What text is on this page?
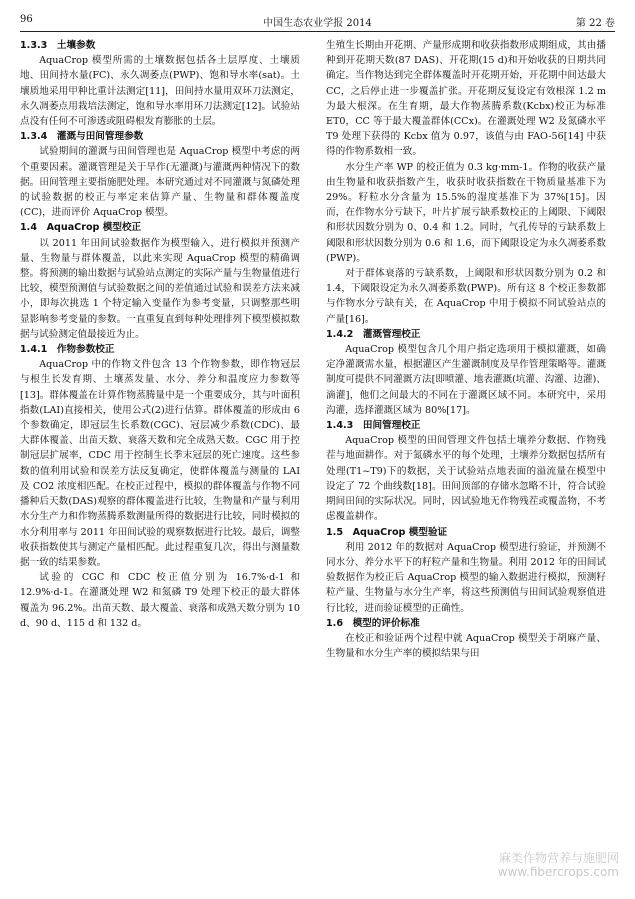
96	中国生态农业学报 2014	第 22 卷
1.3.3　土壤参数

AquaCrop 模型所需的土壤数据包括各土层厚度、土壤质地、田间持水量(FC)、永久凋萎点(PWP)、饱和导水率(sat)。土壤质地采用甲种比重计法测定[11]，田间持水量用双环刀法测定，永久凋萎点用栽培法测定，饱和导水率用环刀法测定[12]。试验站点没有任何不可渗透或阻碍根发育膨胀的土层。

1.3.4　灌溉与田间管理参数

试验期间的灌溉与田间管理也是 AquaCrop 模型中考虑的两个重要因素。灌溉管理是关于旱作(无灌溉)与灌溉两种情况下的数据。田间管理主要指施肥处理。本研究通过对不同灌溉与氮磷处理的试验数据的校正与率定来估算产量、生物量和群体覆盖度(CC)，进而评价 AquaCrop 模型。

1.4　AquaCrop 模型校正

以 2011 年田间试验数据作为模型输入，进行模拟并预测产量、生物量与群体覆盖，以此来实现 AquaCrop 模型的精确调整。将预测的输出数据与试验站点测定的实际产量与生物量值进行比较，模型预测值与试验数据之间的差值通过试验和误差方法来减小，即每次挑选 1 个特定输入变量作为参考变量，只调整那些明显影响参考变量的参数。一直重复直到每种处理排列下模型模拟数据与试验测定值最接近为止。

1.4.1　作物参数校正

AquaCrop 中的作物文件包含 13 个作物参数，即作物冠层与根生长发育期、土壤蒸发量、水分、养分和温度应力参数等[13]。群体覆盖在计算作物蒸腾量中是一个重要成分，其与叶面积指数(LAI)直接相关，使用公式(2)进行估算。群体覆盖的形成由 6 个参数确定，即冠层生长系数(CGC)、冠层减少系数(CDC)、最大群体覆盖、出苗天数、衰落天数和完全成熟天数。CGC 用于控制冠层扩展率，CDC 用于控制生长季末冠层的死亡速度。这些参数的值利用试验和误差方法反复确定，使群体覆盖与测量的 LAI 及 CO2 浓度相匹配。在校正过程中，模拟的群体覆盖与作物不同播种后天数(DAS)观察的群体覆盖进行比较，生物量和产量与利用水分生产力和作物蒸腾系数测量所得的数据进行比较，同时模拟的水分利用率与 2011 年田间试验的观察数据进行比较。最后，调整收获指数使其与测定产量相匹配。此过程重复几次，得出与测量数据一致的结果参数。

试验的 CGC 和 CDC 校正值分别为 16.7%·d-1 和 12.9%·d-1。在灌溉处理 W2 和氮磷 T9 处理下校正的最大群体覆盖为 96.2%。出苗天数、最大覆盖、衰落和成熟天数分别为 10 d、90 d、115 d 和 132 d。

生殖生长期由开花期、产量形成期和收获指数形成期组成，其由播种到开花期天数(87 DAS)、开花期(15 d)和开始收获的日期共同确定。当作物达到完全群体覆盖时开花期开始，开花期中间达最大 CC，之后停止进一步覆盖扩张。开花期反复设定有效根深 1.2 m 为最大根深。在生育期，最大作物蒸腾系数(Kcbx)校正为标准 ET0，CC 等于最大覆盖群体(CCx)。在灌溉处理 W2 及氮磷水平 T9 处理下获得的 Kcbx 值为 0.97，该值与由 FAO-56[14] 中获得的作物系数相一致。

水分生产率 WP 的校正值为 0.3 kg·mm-1。作物的收获产量由生物量和收获指数产生，收获时收获指数在干物质量基准下为 29%。籽粒水分含量为 15.5%的湿度基准下为 37%[15]。因而，在作物水分亏缺下，叶片扩展亏缺系数校正的上阈限、下阈限和形状因数分别为 0、0.4 和 1.2。同时，气孔传导的亏缺系数上阈限和形状因数分别为 0.6 和 1.6，而下阈限设定为永久凋萎系数(PWP)。

对于群体衰落的亏缺系数，上阈限和形状因数分别为 0.2 和 1.4，下阈限设定为永久凋萎系数(PWP)。所有这 8 个校正参数都与作物水分亏缺有关，在 AquaCrop 中用于模拟不同试验站点的产量[16]。

1.4.2　灌溉管理校正

AquaCrop 模型包含几个用户指定选项用于模拟灌溉，如确定净灌溉需水量，根据灌区产生灌溉制度及旱作管理策略等。灌溉制度可提供不同灌溉方法[即喷灌、地表灌溉(坑灌、沟灌、边灌)、滴灌]，他们之间最大的不同在于灌溉区域不同。本研究中，采用沟灌，选择灌溉区域为 80%[17]。

1.4.3　田间管理校正

AquaCrop 模型的田间管理文件包括土壤养分数据、作物残茬与地面耕作。对于氮磷水平的每个处理，土壤养分数据包括所有处理(T1~T9)下的数据，关于试验站点地表面的溢流量在模型中设定了 72 个曲线数[18]。田间顶部的存储水忽略不计，符合试验期间田间的实际状况。同时，因试验地无作物残茬或覆盖物，不考虑覆盖耕作。

1.5　AquaCrop 模型验证

利用 2012 年的数据对 AquaCrop 模型进行验证，并预测不同水分、养分水平下的籽粒产量和生物量。利用 2012 年的田间试验数据作为校正后 AquaCrop 模型的输入数据进行模拟，预测籽粒产量、生物量与水分生产率，将这些预测值与田间试验观察值进行比较，进而验证模型的正确性。

1.6　模型的评价标准

在校正和验证两个过程中就 AquaCrop 模型关于胡麻产量、生物量和水分生产率的模拟结果与田

麻类作物营养与施肥网
www.fibercrops.com
